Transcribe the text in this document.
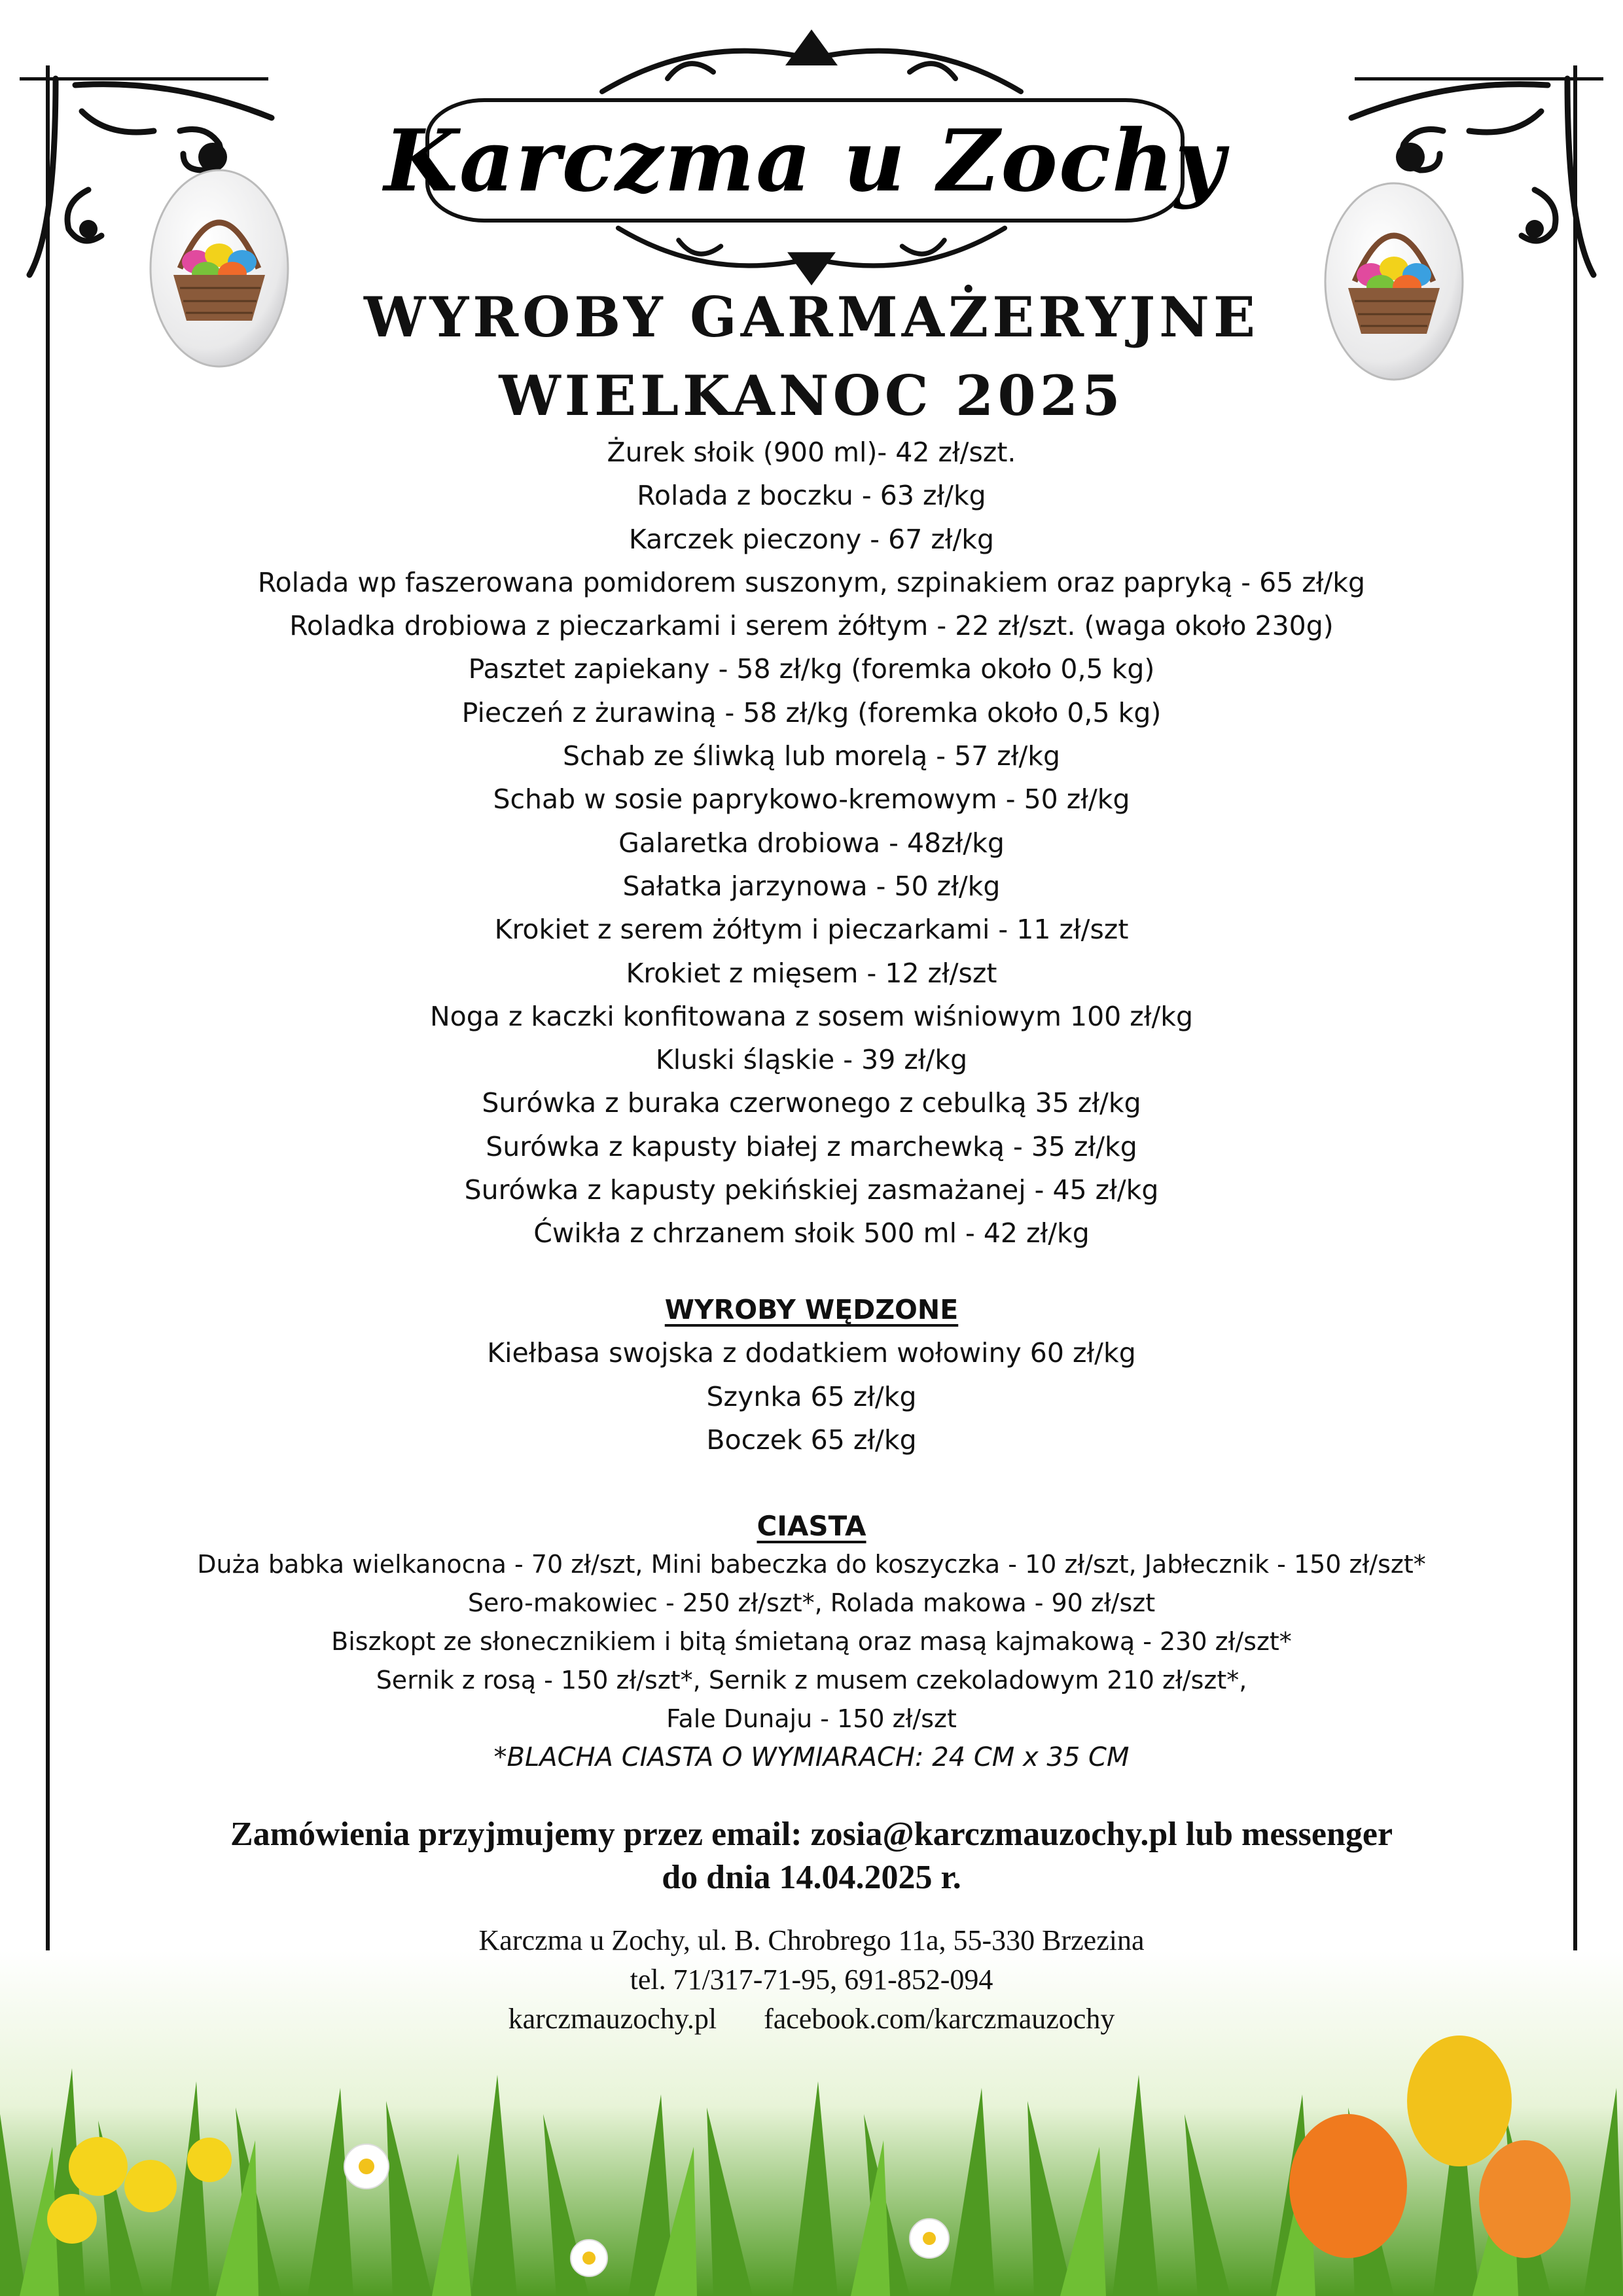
Karczma u Zochy
WYROBY GARMAŻERYJNE
WIELKANOC 2025
Żurek słoik (900 ml)- 42 zł/szt.
Rolada z boczku - 63 zł/kg
Karczek pieczony - 67 zł/kg
Rolada wp faszerowana pomidorem suszonym, szpinakiem oraz papryką - 65 zł/kg
Roladka drobiowa z pieczarkami i serem żółtym - 22 zł/szt. (waga około 230g)
Pasztet zapiekany - 58 zł/kg (foremka około 0,5 kg)
Pieczeń z żurawiną - 58 zł/kg (foremka około 0,5 kg)
Schab ze śliwką lub morelą - 57 zł/kg
Schab w sosie paprykowo-kremowym - 50 zł/kg
Galaretka drobiowa - 48zł/kg
Sałatka jarzynowa - 50 zł/kg
Krokiet z serem żółtym i pieczarkami - 11 zł/szt
Krokiet z mięsem - 12 zł/szt
Noga z kaczki konfitowana z sosem wiśniowym 100 zł/kg
Kluski śląskie - 39 zł/kg
Surówka z buraka czerwonego z cebulką 35 zł/kg
Surówka z kapusty białej z marchewką - 35 zł/kg
Surówka z kapusty pekińskiej zasmażanej - 45 zł/kg
Ćwikła z chrzanem słoik 500 ml - 42 zł/kg
WYROBY WĘDZONE
Kiełbasa swojska z dodatkiem wołowiny 60 zł/kg
Szynka 65 zł/kg
Boczek 65 zł/kg
CIASTA
Duża babka wielkanocna - 70 zł/szt, Mini babeczka do koszyczka - 10 zł/szt, Jabłecznik - 150 zł/szt*
Sero-makowiec - 250 zł/szt*, Rolada makowa - 90 zł/szt
Biszkopt ze słonecznikiem i bitą śmietaną oraz masą kajmakową - 230 zł/szt*
Sernik z rosą - 150 zł/szt*, Sernik z musem czekoladowym 210 zł/szt*,
Fale Dunaju - 150 zł/szt
*BLACHA CIASTA O WYMIARACH: 24 CM x 35 CM
Zamówienia przyjmujemy przez email: zosia@karczmauzochy.pl lub messenger
do dnia 14.04.2025 r.
Karczma u Zochy, ul. B. Chrobrego 11a, 55-330 Brzezina
tel. 71/317-71-95, 691-852-094
karczmauzochy.pl facebook.com/karczmauzochy
